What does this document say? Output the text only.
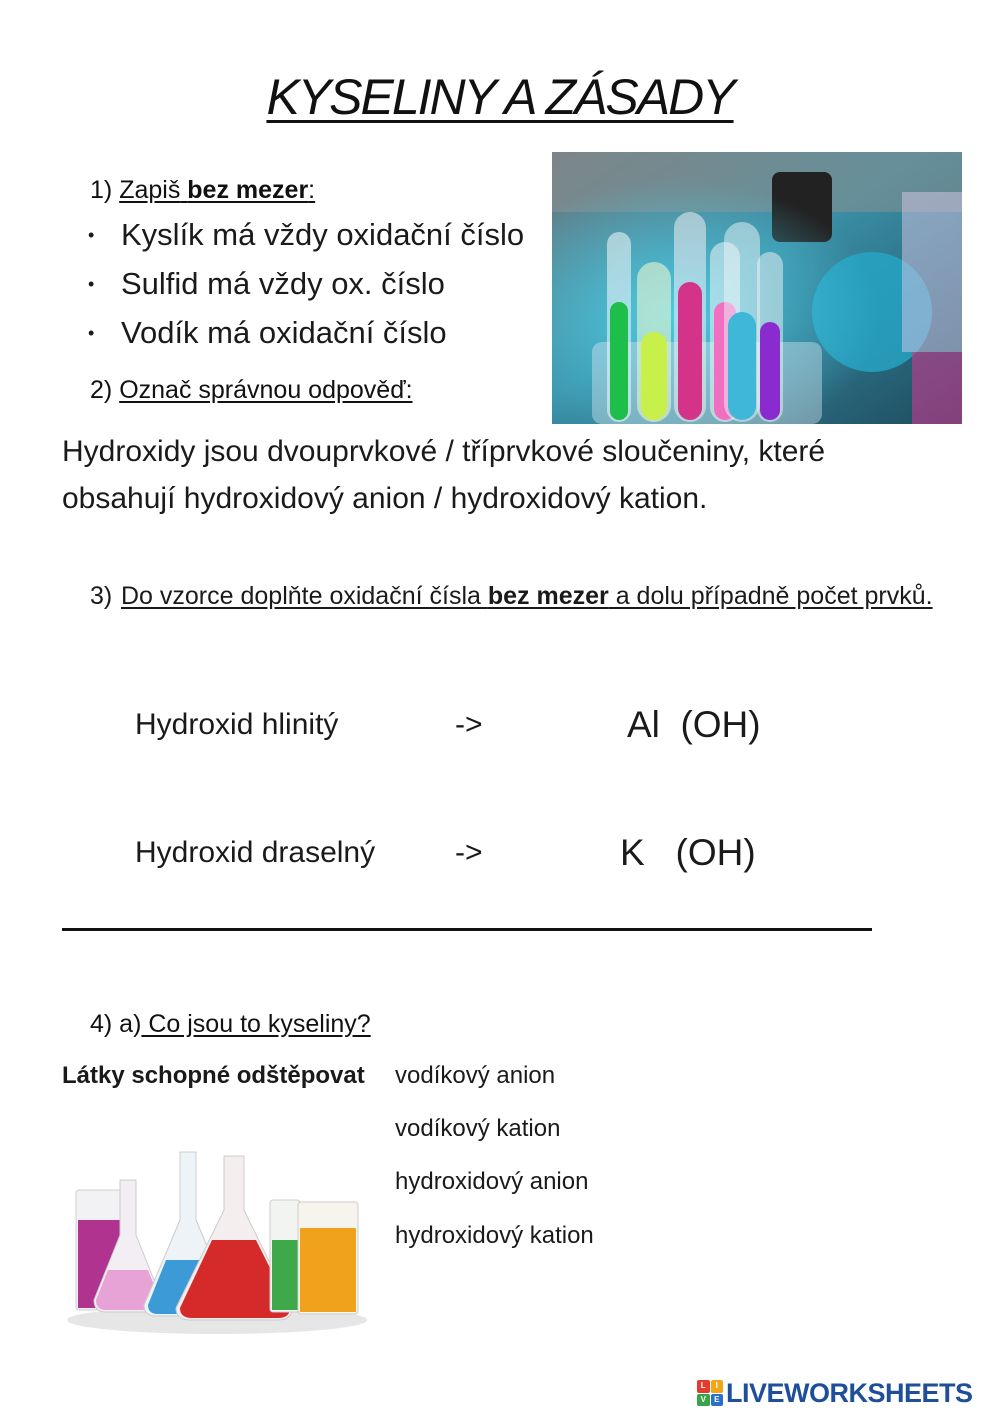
KYSELINY A ZÁSADY
1) Zapiš bez mezer:
• Kyslík má vždy oxidační číslo
• Sulfid má vždy ox. číslo
• Vodík má oxidační číslo
2) Označ správnou odpověď:
Hydroxidy jsou dvouprvkové / tříprvkové sloučeniny, které
obsahují hydroxidový anion / hydroxidový kation.
3) Do vzorce doplňte oxidační čísla bez mezer a dolu případně počet prvků.
Hydroxid hlinitý	->	Al  (OH)
Hydroxid draselný	->	K   (OH)
4) a) Co jsou to kyseliny?
Látky schopné odštěpovat vodíkový anion
vodíkový kation
hydroxidový anion
hydroxidový kation
L	I
V	E LIVEWORKSHEETS
